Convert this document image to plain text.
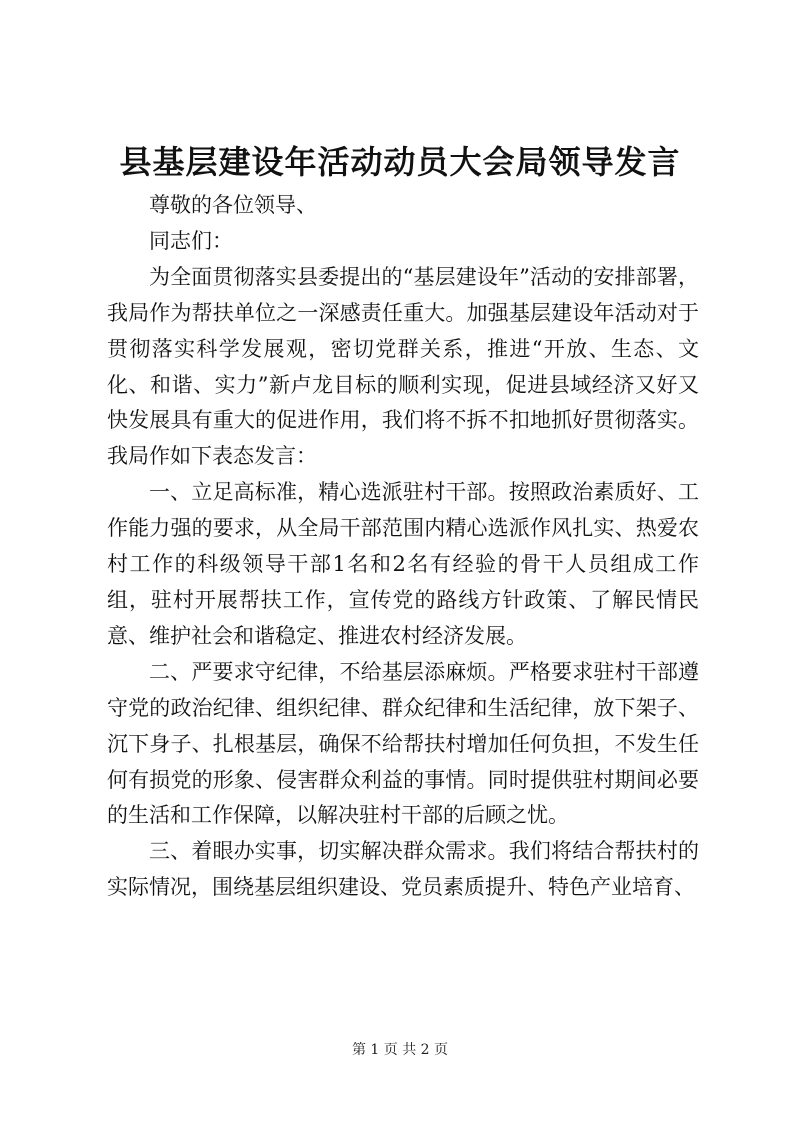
县基层建设年活动动员大会局领导发言

尊敬的各位领导、

同志们：

为全面贯彻落实县委提出的“基层建设年”活动的安排部署，我局作为帮扶单位之一深感责任重大。加强基层建设年活动对于贯彻落实科学发展观，密切党群关系，推进“开放、生态、文化、和谐、实力”新卢龙目标的顺利实现，促进县域经济又好又快发展具有重大的促进作用，我们将不拆不扣地抓好贯彻落实。我局作如下表态发言：

一、立足高标准，精心选派驻村干部。按照政治素质好、工作能力强的要求，从全局干部范围内精心选派作风扎实、热爱农村工作的科级领导干部1名和2名有经验的骨干人员组成工作组，驻村开展帮扶工作，宣传党的路线方针政策、了解民情民意、维护社会和谐稳定、推进农村经济发展。

二、严要求守纪律，不给基层添麻烦。严格要求驻村干部遵守党的政治纪律、组织纪律、群众纪律和生活纪律，放下架子、沉下身子、扎根基层，确保不给帮扶村增加任何负担，不发生任何有损党的形象、侵害群众利益的事情。同时提供驻村期间必要的生活和工作保障，以解决驻村干部的后顾之忧。

三、着眼办实事，切实解决群众需求。我们将结合帮扶村的实际情况，围绕基层组织建设、党员素质提升、特色产业培育、

第 1 页 共 2 页
